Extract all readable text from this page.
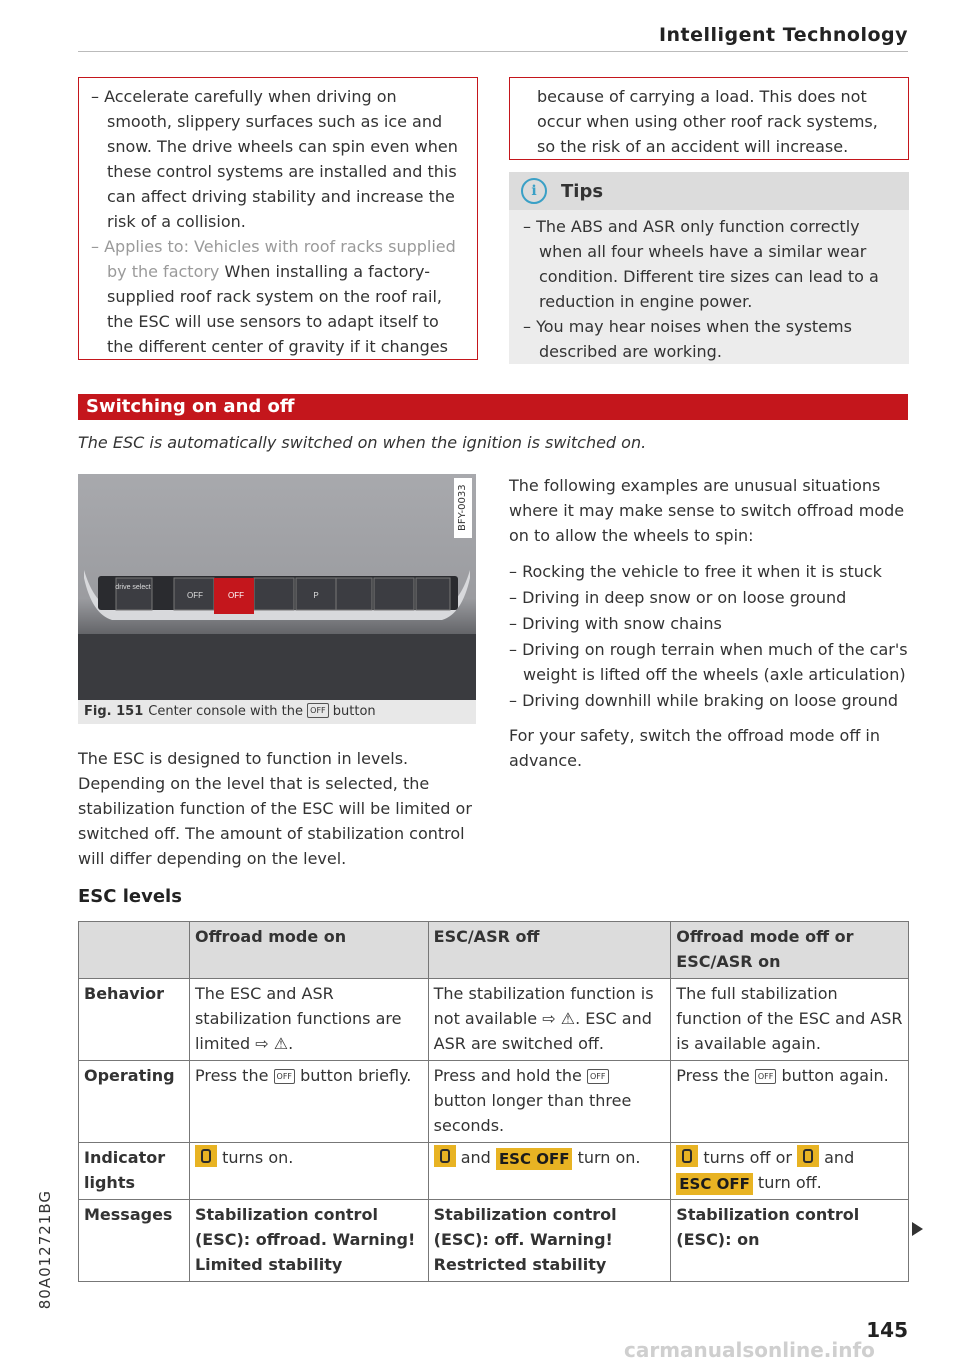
Intelligent Technology
– Accelerate carefully when driving on smooth, slippery surfaces such as ice and snow. The drive wheels can spin even when these control systems are installed and this can affect driving stability and increase the risk of a collision.
– Applies to: Vehicles with roof racks supplied by the factory When installing a factory-supplied roof rack system on the roof rail, the ESC will use sensors to adapt itself to the different center of gravity if it changes
because of carrying a load. This does not occur when using other roof rack systems, so the risk of an accident will increase.
i	Tips
– The ABS and ASR only function correctly when all four wheels have a similar wear condition. Different tire sizes can lead to a reduction in engine power.
– You may hear noises when the systems described are working.
Switching on and off
The ESC is automatically switched on when the ignition is switched on.
drive select
OFF	OFF	P
BFY-0033
Fig. 151 Center console with the OFF button
The ESC is designed to function in levels. Depending on the level that is selected, the stabilization function of the ESC will be limited or switched off. The amount of stabilization control will differ depending on the level.
The following examples are unusual situations where it may make sense to switch offroad mode on to allow the wheels to spin:
– Rocking the vehicle to free it when it is stuck
– Driving in deep snow or on loose ground
– Driving with snow chains
– Driving on rough terrain when much of the car's weight is lifted off the wheels (axle articulation)
– Driving downhill while braking on loose ground
For your safety, switch the offroad mode off in advance.
ESC levels
	Offroad mode on	ESC/ASR off	Offroad mode off or ESC/ASR on
Behavior	The ESC and ASR stabilization functions are limited ⇨ ⚠.	The stabilization function is not available ⇨ ⚠. ESC and ASR are switched off.	The full stabilization function of the ESC and ASR is available again.
Operating	Press the OFF button briefly.	Press and hold the OFF button longer than three seconds.	Press the OFF button again.
Indicator lights	turns on.	and ESC OFF turn on.	turns off or and ESC OFF turn off.
Messages	Stabilization control (ESC): offroad. Warning! Limited stability	Stabilization control (ESC): off. Warning! Restricted stability	Stabilization control (ESC): on
80A012721BG
145
carmanualsonline.info
